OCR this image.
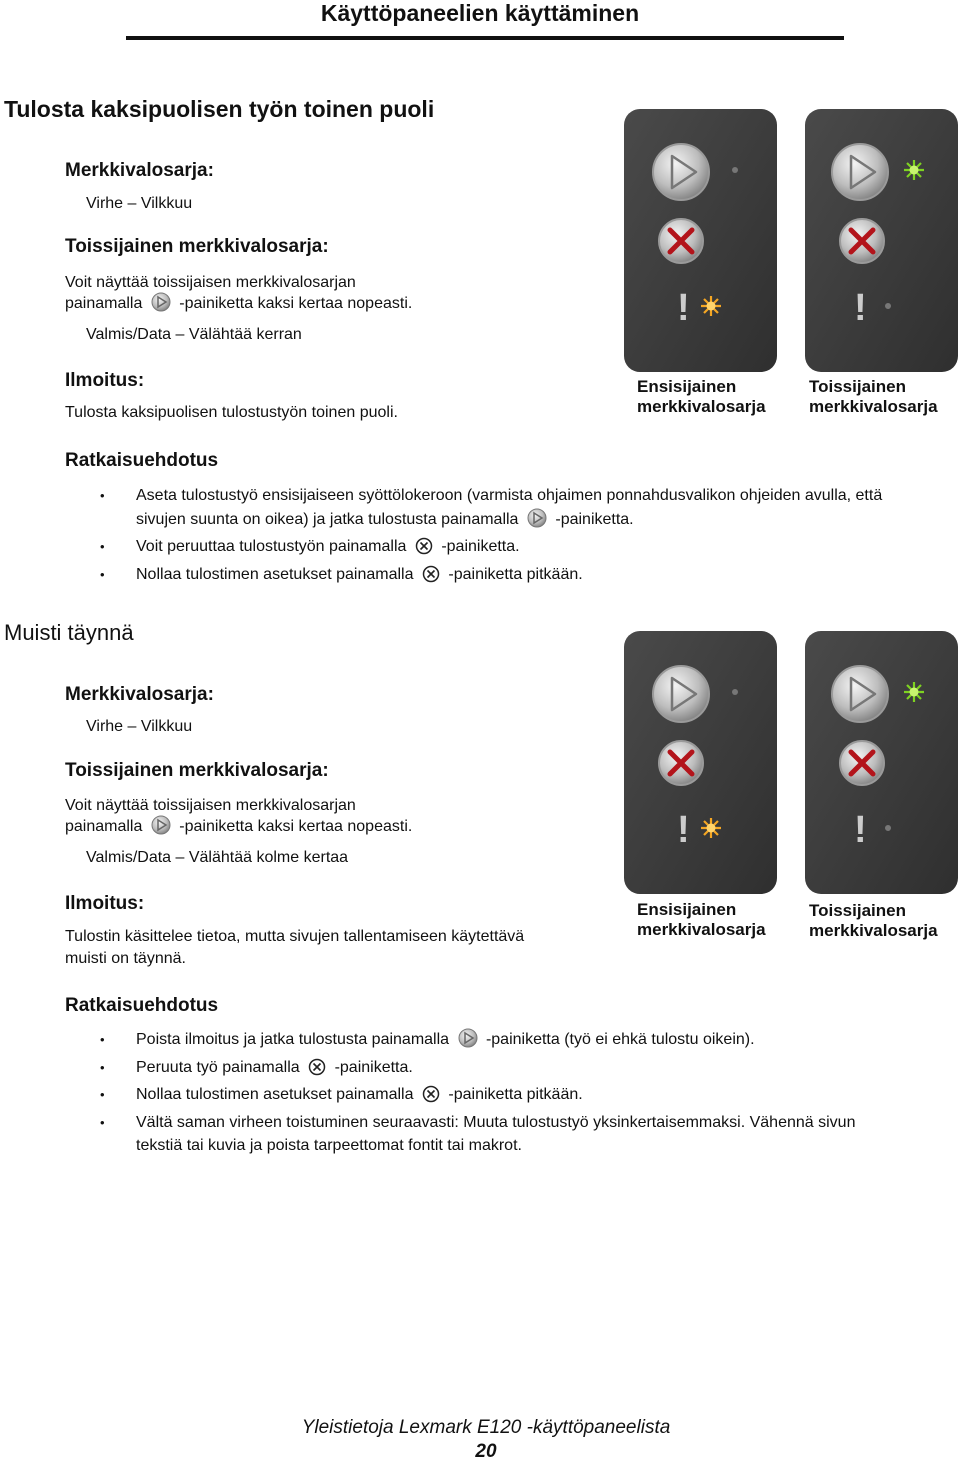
Käyttöpaneelien käyttäminen
Tulosta kaksipuolisen työn toinen puoli
Merkkivalosarja:
Virhe – Vilkkuu
Toissijainen merkkivalosarja:
Voit näyttää toissijaisen merkkivalosarjan
painamalla -painiketta kaksi kertaa nopeasti.
Valmis/Data – Välähtää kerran
Ilmoitus:
Tulosta kaksipuolisen tulostustyön toinen puoli.
!	!
Ensisijainen
merkkivalosarja
Toissijainen
merkkivalosarja
Ratkaisuehdotus
• Aseta tulostustyö ensisijaiseen syöttölokeroon (varmista ohjaimen ponnahdusvalikon ohjeiden avulla, että
sivujen suunta on oikea) ja jatka tulostusta painamalla -painiketta.
• Voit peruuttaa tulostustyön painamalla -painiketta.
• Nollaa tulostimen asetukset painamalla -painiketta pitkään.
Muisti täynnä
Merkkivalosarja:
Virhe – Vilkkuu
Toissijainen merkkivalosarja:
Voit näyttää toissijaisen merkkivalosarjan
painamalla -painiketta kaksi kertaa nopeasti.
Valmis/Data – Välähtää kolme kertaa
Ilmoitus:
Tulostin käsittelee tietoa, mutta sivujen tallentamiseen käytettävä
muisti on täynnä.
!	!
Ensisijainen
merkkivalosarja
Toissijainen
merkkivalosarja
Ratkaisuehdotus
• Poista ilmoitus ja jatka tulostusta painamalla -painiketta (työ ei ehkä tulostu oikein).
• Peruuta työ painamalla -painiketta.
• Nollaa tulostimen asetukset painamalla -painiketta pitkään.
• Vältä saman virheen toistuminen seuraavasti: Muuta tulostustyö yksinkertaisemmaksi. Vähennä sivun
tekstiä tai kuvia ja poista tarpeettomat fontit tai makrot.
Yleistietoja Lexmark E120 -käyttöpaneelista
20
